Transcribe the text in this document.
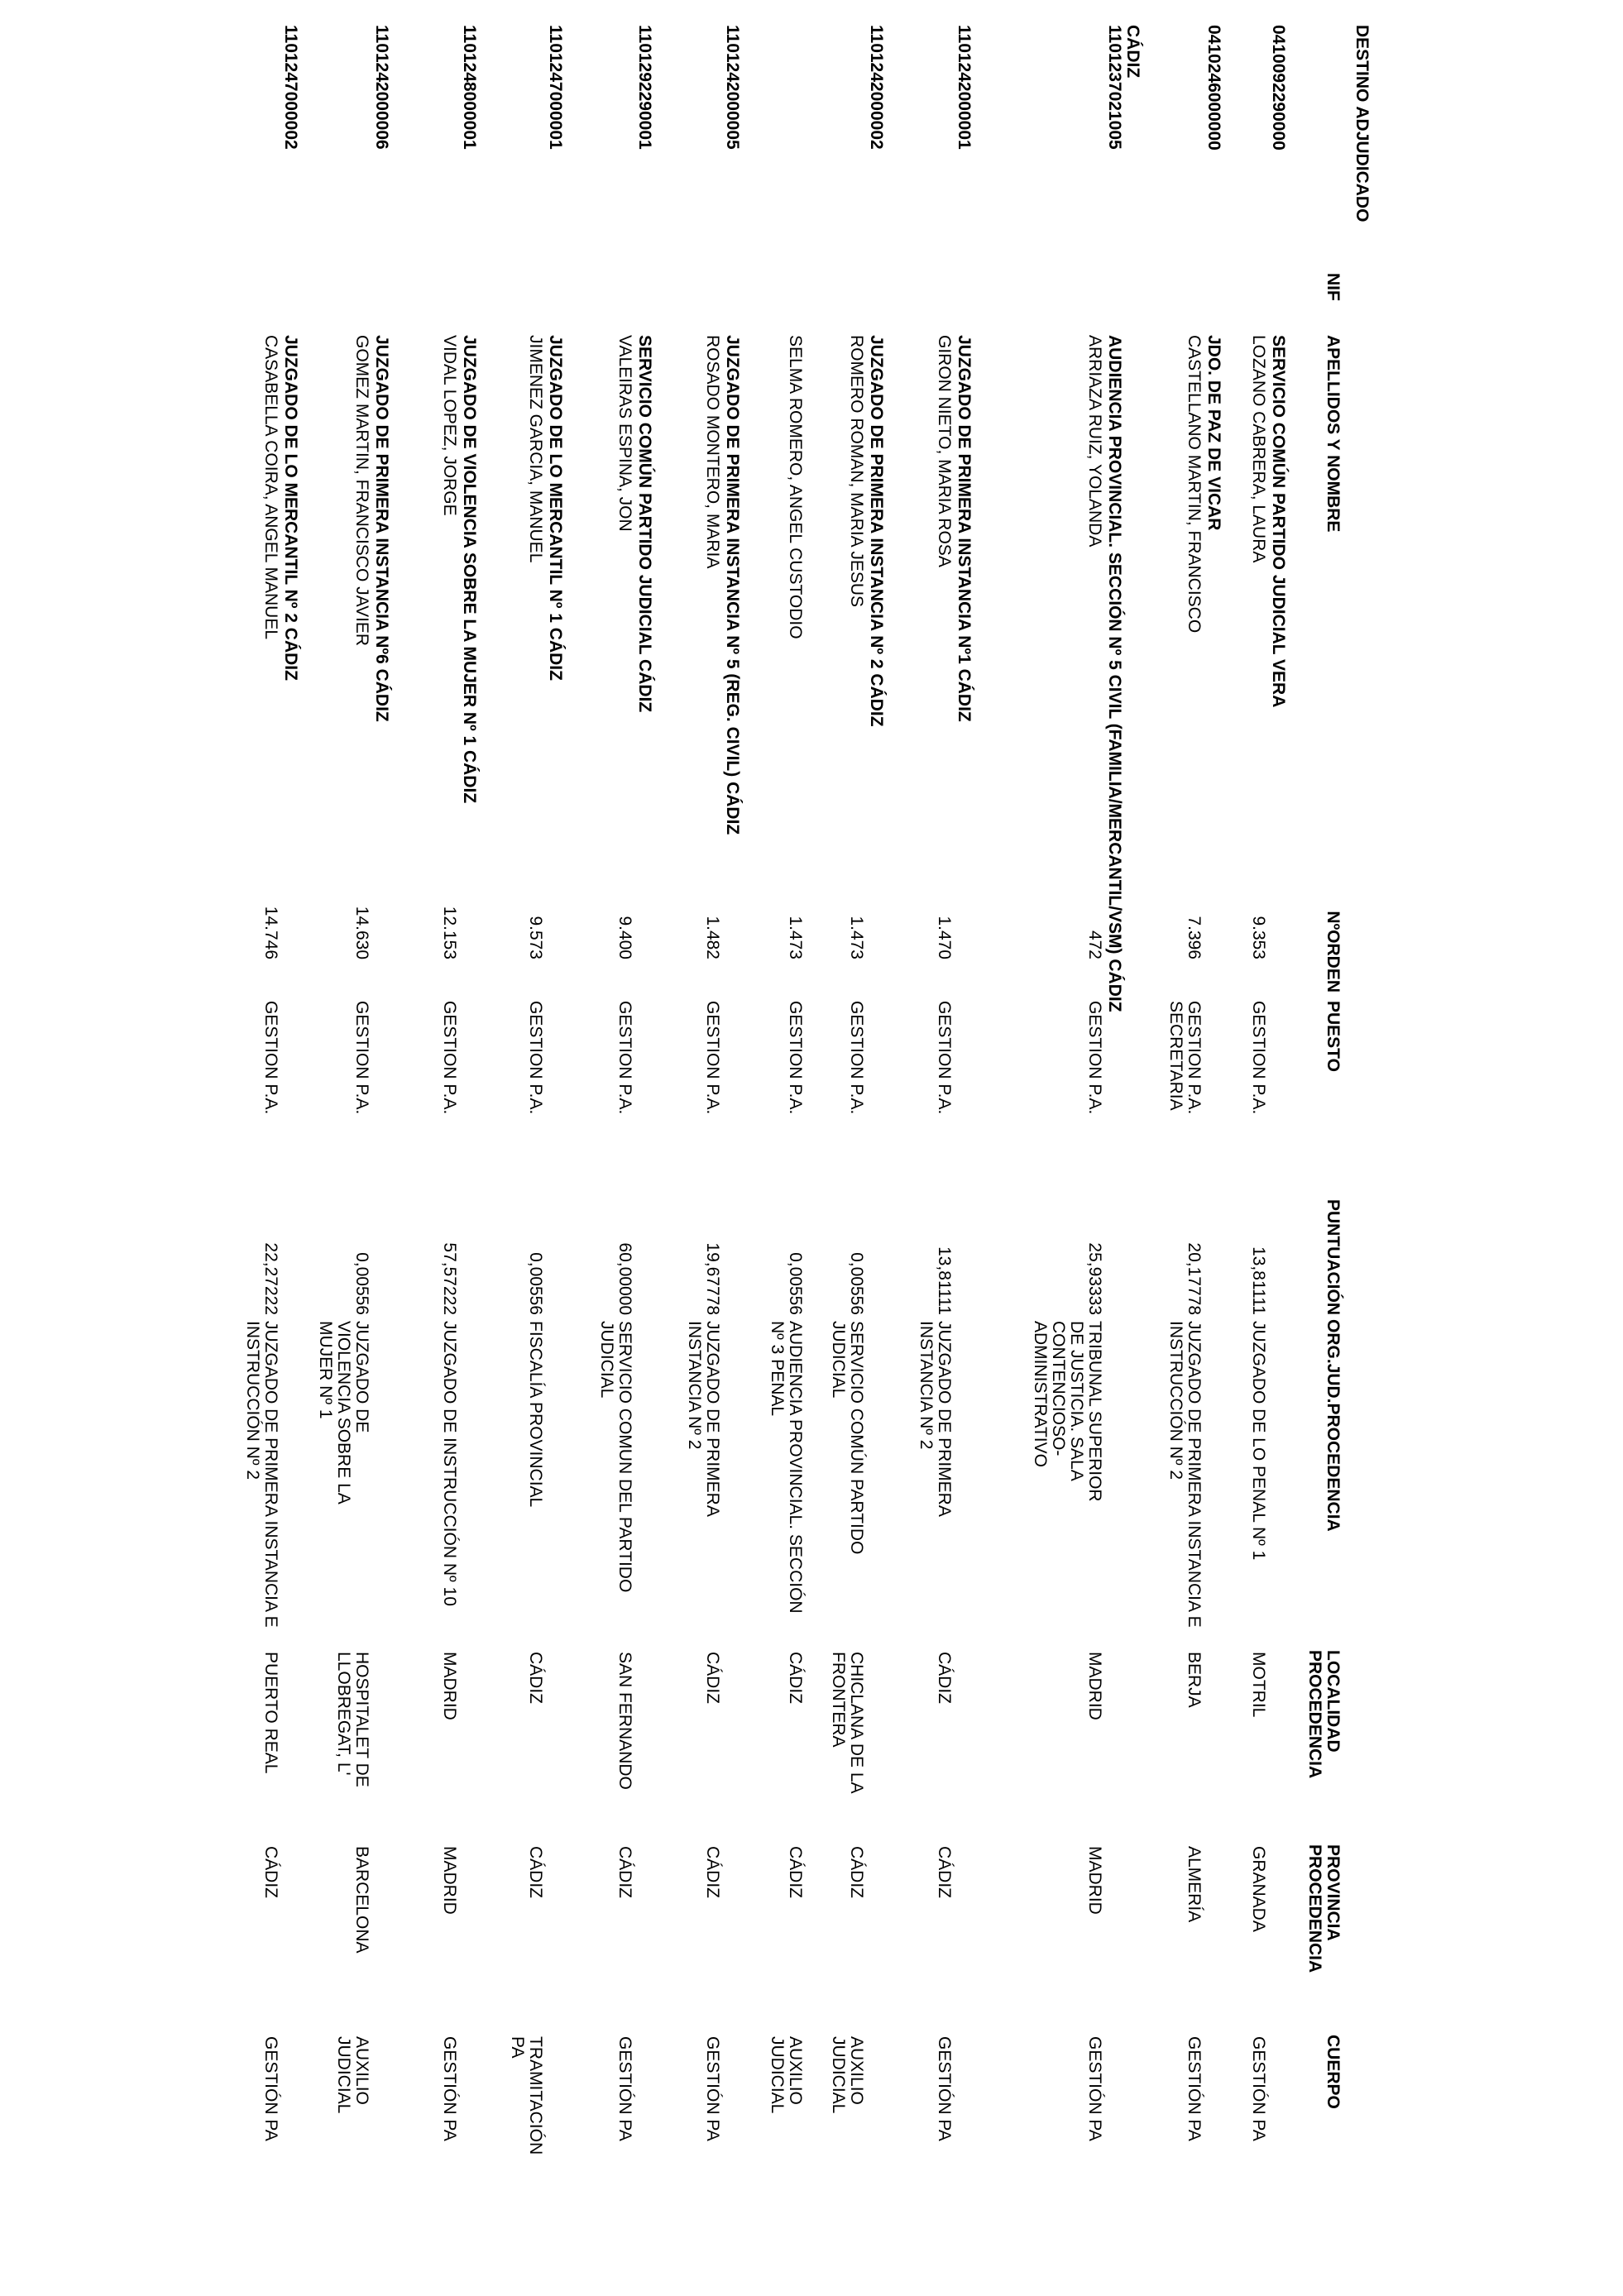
DESTINO ADJUDICADO
NIF
APELLIDOS Y NOMBRE
NºORDEN
PUESTO
PUNTUACIÓN
ORG.JUD.PROCEDENCIA
LOCALIDAD PROCEDENCIA
PROVINCIA PROCEDENCIA
CUERPO
0410092290000
SERVICIO COMÚN PARTIDO JUDICIAL VERA
LOZANO CABRERA, LAURA
9.353
GESTION P.A.
13,81111
JUZGADO DE LO PENAL Nº 1
MOTRIL
GRANADA
GESTIÓN PA
0410246000000
JDO. DE PAZ DE VICAR
CASTELLANO MARTIN, FRANCISCO
7.396
GESTION P.A. SECRETARIA
20,17778
JUZGADO DE PRIMERA INSTANCIA E INSTRUCCIÓN Nº 2
BERJA
ALMERÍA
GESTIÓN PA
CÁDIZ
1101237021005
AUDIENCIA PROVINCIAL. SECCIÓN Nº 5 CIVIL (FAMILIA/MERCANTIL/VSM) CÁDIZ
ARRIAZA RUIZ, YOLANDA
472
GESTION P.A.
25,93333
TRIBUNAL SUPERIOR DE JUSTICIA. SALA CONTENCIOSO-ADMINISTRATIVO
MADRID
MADRID
GESTIÓN PA
1101242000001
JUZGADO DE PRIMERA INSTANCIA Nº1 CÁDIZ
GIRON NIETO, MARIA ROSA
1.470
GESTION P.A.
13,81111
JUZGADO DE PRIMERA INSTANCIA Nº 2
CÁDIZ
CÁDIZ
GESTIÓN PA
1101242000002
JUZGADO DE PRIMERA INSTANCIA Nº 2 CÁDIZ
ROMERO ROMAN, MARIA JESUS
1.473
GESTION P.A.
0,00556
SERVICIO COMÚN PARTIDO JUDICIAL
CHICLANA DE LA FRONTERA
CÁDIZ
AUXILIO JUDICIAL
SELMA ROMERO, ANGEL CUSTODIO
1.473
GESTION P.A.
0,00556
AUDIENCIA PROVINCIAL. SECCIÓN Nº 3 PENAL
CÁDIZ
CÁDIZ
AUXILIO JUDICIAL
1101242000005
JUZGADO DE PRIMERA INSTANCIA Nº 5 (REG. CIVIL) CÁDIZ
ROSADO MONTERO, MARIA
1.482
GESTION P.A.
19,67778
JUZGADO DE PRIMERA INSTANCIA Nº 2
CÁDIZ
CÁDIZ
GESTIÓN PA
1101292290001
SERVICIO COMÚN PARTIDO JUDICIAL CÁDIZ
VALEIRAS ESPINA, JON
9.400
GESTION P.A.
60,00000
SERVICIO COMUN DEL PARTIDO JUDICIAL
SAN FERNANDO
CÁDIZ
GESTIÓN PA
1101247000001
JUZGADO DE LO MERCANTIL Nº 1 CÁDIZ
JIMENEZ GARCIA, MANUEL
9.573
GESTION P.A.
0,00556
FISCALÍA PROVINCIAL
CÁDIZ
CÁDIZ
TRAMITACIÓN PA
1101248000001
JUZGADO DE VIOLENCIA SOBRE LA MUJER Nº 1 CÁDIZ
VIDAL LOPEZ, JORGE
12.153
GESTION P.A.
57,57222
JUZGADO DE INSTRUCCIÓN Nº 10
MADRID
MADRID
GESTIÓN PA
1101242000006
JUZGADO DE PRIMERA INSTANCIA Nº6 CÁDIZ
GOMEZ MARTIN, FRANCISCO JAVIER
14.630
GESTION P.A.
0,00556
JUZGADO DE VIOLENCIA SOBRE LA MUJER Nº 1
HOSPITALET DE LLOBREGAT, L'
BARCELONA
AUXILIO JUDICIAL
1101247000002
JUZGADO DE LO MERCANTIL Nº 2 CÁDIZ
CASABELLA COIRA, ANGEL MANUEL
14.746
GESTION P.A.
22,27222
JUZGADO DE PRIMERA INSTANCIA E INSTRUCCIÓN Nº 2
PUERTO REAL
CÁDIZ
GESTIÓN PA
